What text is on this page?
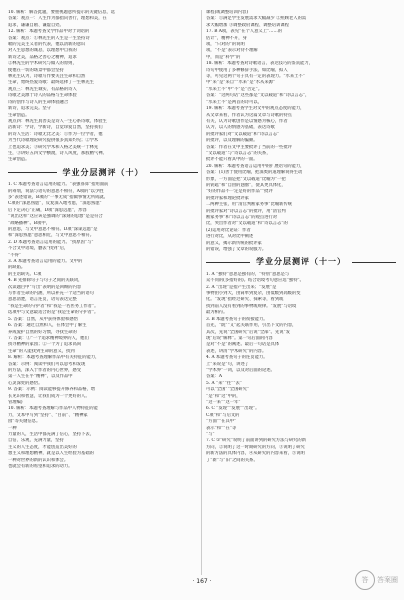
10. 解析：解答此题，要重视题意所提示的关键信息，选
答案：观点一：人生作为都指向善行，理想和美，在
追求，谦谦自励、谦虚自处。
12. 解析：本题考查文学作品中对于词语的
答案：观点：①林先生的人生是一生坚持诗
歌的完美主义者的代表，他以清新的意识
对人生思想的诚恳，以理想中自我的
新诗之美，品格之善心之精神，追求
②林先生的学术研究与做人的原则，
使他在一切的场景中都会坚持
林先生认为，诗歌写作要关注生命和自然
生命，始终热爱诗歌：最终选择了一生林先生
观点三：林先生诚实、有品格的诗人
诗歌之美源于诗人的品格与生命体验
诗的创作与诗人的生命体验融合
新诗，追求完美。坚守
生命创造。
观点四：林先生真善美是诗人一生心系诗歌，体验生
活新诗：学诗，学新诗，自觉珍爱自然，坚持我们
的诗人生活：诗歌无比之美：①作为一位学者，他
为当代诗歌理论研究提供很多真知灼见；②学术
上也追求美；③研究学术和人格之美统一于林先
生，③讲好五四文学横渡，诗人风度，那股精气神。
生命创造。
学业分层测评（十）
1. C 本题考查语言运用的能力。“表强寡算”指用面前
的筹划，说法与语句的意思不相符，A项的“以少胜
多”表述错误，B项的“一事无成”指做事情无所成就。
C项的“深思熟虑”，反复深入地考虑，“深思熟虑”
后下定决心”正确，D项“深思远虑”，形容
“说出这样”这应该是强调的“深刻的思想”是是符合
“故略播种”。B项中，
的意思，与文中意思不相符。D项“深谋远虑”是
和“深思熟虑”意思相近，与文中意思不相符。
2. D 本题考查语言运用的能力。“找原因”与“
不合文中语境，删去“找到”后，
“不得”
3. A 本题考查语言运用的能力。文中的
的缺陷。
的主语缺失。C项
4. B 先排除句子与句子之间的关联词，
次读题目中“写出”表明的是回顾的内容
写作者生命的内涵，所以补充一个适当的语句
意思清楚，语言连贯，语句表达完整
“我是生命的守护者”和“我是一名医务工作者”。
选项中与文意最适合的是“我是生命的守护者”。
5. 答案：自然，从中获得体验和感悟
6. 答案：通过自然和人，在体会中了解生
养成爱护自然的好习惯，寻找生命的
7. 答案：①“一个追求精神境界的人，他们
找寻精神的家园；②一个为了追求高尚
生命”的人能找到生命的意义，找到
8. 解析：本题考查理解作品中有关特征的能力，
答案：示例：阅读中我们可以思考和发现
的方法，深入于作者的内心世界，感受
第一人生在乎“精神”，以及作品中
心灵深处的感悟。
9. 答案：示例：阅读能够提升修养和品格，增
长见识和智慧，让我们成为一个更好的人。
管理编)
10. 解析：本题考查理解与作品中人物特征的能
力，文本中写到“坚持”、“目前”、“精神家
园”等关键信息。
一种
力量的人，生活中都充满了信心，坚持下去，
自信、乐观，充满力量，坚持
主义的人生态度，才能创造出美好的
想主义和理想精神，就是以人生经验为基础的
一种对世界的新的认识和体会。
也就会有新的希望和追求的动力。
课程(或调整培训内容)
答案：①满足学生发展需求大幅减少 ②照顾老人的需
求大幅增加 ③调整政府课程、调整培训课程
17. B A项，表见“在个人意义上”……的
估计”，精神不开，身
项，“只对的”的说明
项，“不是”表示对待不理解
中，而是“科学”的
18. 解析：本题考查对诗歌语言、表达技巧的鉴赏能力，
诗句中使用了多种修辞手法，如比喻、拟人
等，可见这两个句子具有一定的表现力。“水来土不”
中“来”是“来自”“水来”是“水从来源”
“水来土不”中“不”是“否定”。
答案：“这两句话”这些都是“文以载道”和“诗以言志”，
“水来土不”是两首的诗可以，
19. 解析：本题考查学生对文中的观点态度的能力，
从文章来看，作者认为这篇文章与诗歌的特点
有关，认为诗歌创作是以情感为核心，作者
认为，以人的情感为基础，表达诗歌
的批评家们对“文以载道”和“诗以言志”
的批评，以及理解的偏颇。
答案：作者在文中主要批评了当前的一些批评
“文以载道”与“诗以言志”的关系，
批评不能只看其中的一面。
20. 解析：本题考查语言运用中的扩展语句的能力，
答案：(1)善于使用比喻，把深奥的道理解说得生动
形象，一方面是把“文以载道”比喻为“一把
的钥匙”和“自由的翅膀”，使其更具体化，
“好的作品不一定是好的作品”“批评
的批评家和理论批评家
二两种主张，用“清官判断家务事”比喻新传统
的批评家对“诗以言志”的批评，用“清官判
断家务事”和“诗以言志”的观点进行对
比，突出作者对“文以载道”和“诗以言志”的
(2)运用对比论证：作者
进行对比，从对比中阐述
的意义，揭示新传统的批评家
的错误，增强了文章的说服力。
学业分层测评（十一）
1. A “独特”意思是独有的，“特别”意思是与
众不同的(多指好的)。结合语境考句意应选“独特”。
2. A “出现”是指产生出来；“发展”是
事物由小到大，由简单到复杂，由低级到高级的变
化。“发现”指经过研究、探索等，看到或
找到前人没有看到的事物或规律。“发展”与语境
最为相符。
3. B 本题考查句子的衔接能力。
首先，“既”“又”起关联作用，引出下文的内容，
其次，先说“全国研究”后说“全部”。先说“发
现”后说“解释”。第一句后面的内容
是对“不是”的阐述。最后一句话是具体
表述，讲清“学术研究”的内容。
4. A 本题考查句子的连贯能力。
上“来说是”句，讲述了
“学术界”一词，以及对后面的论述。
答案：A
5. A “来”“往”“去”
可以“全国”“全国研究”
“是”和“这”中的，
“这一来”“这一年”
6. C “发现”“发展”“出现”。
C项“和”与后文的
“方面”“在其中”
表示“和”“在”等
“与”
7. C ①“研究”说明了前面讲到的研究方法与研究的新
方向，②说明了这一时期研究的方向，③说明了研究
的新方法的具体内容，④从研究的内容来看，⑤说明
了“新”与“旧”之间的关系。
· 167 ·	答	答案圈
